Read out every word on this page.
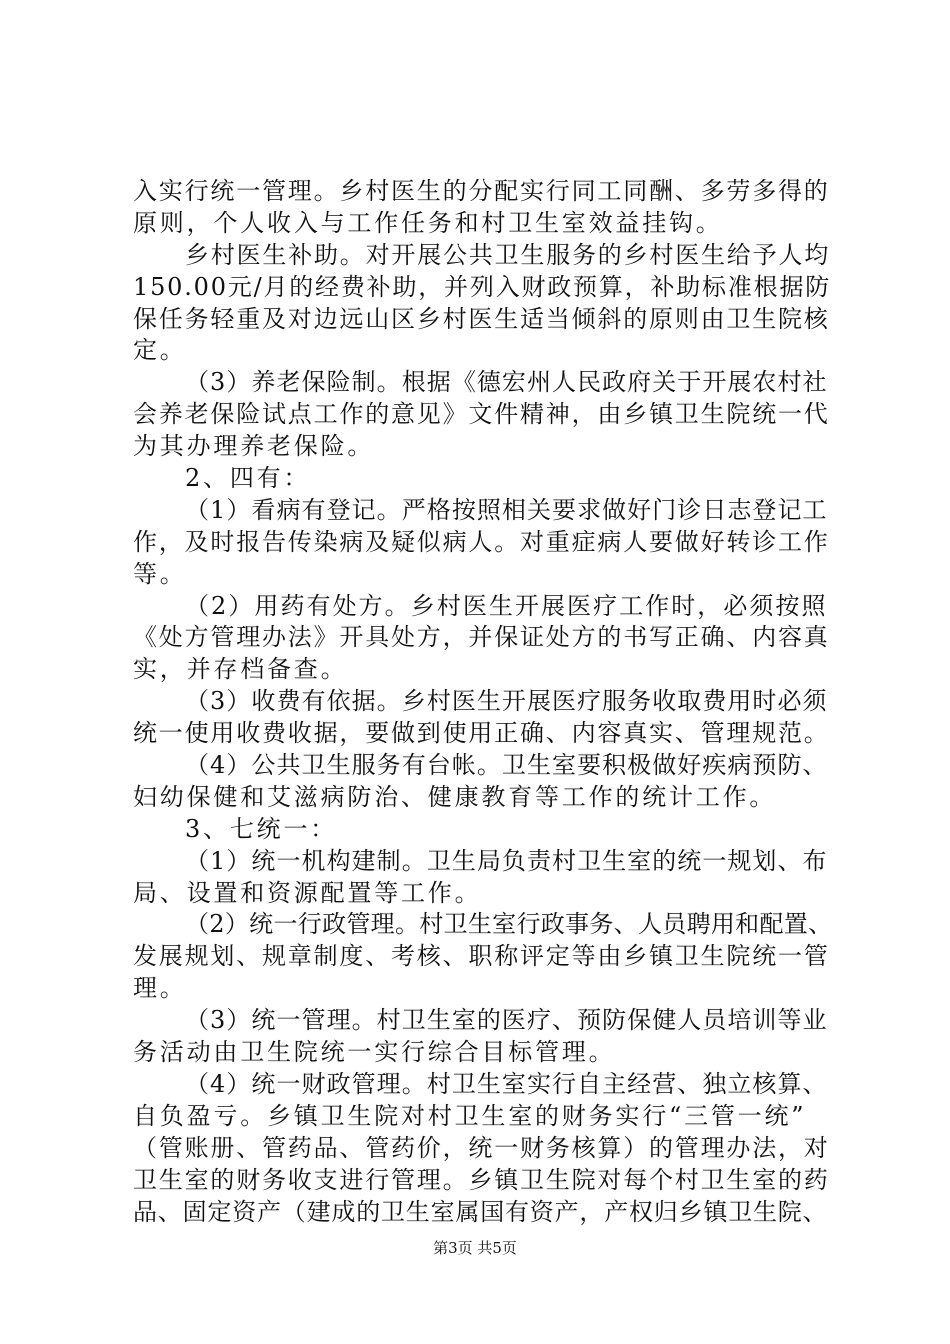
入实行统一管理。乡村医生的分配实行同工同酬、多劳多得的
原则，个人收入与工作任务和村卫生室效益挂钩。
乡村医生补助。对开展公共卫生服务的乡村医生给予人均
150.00元/月的经费补助，并列入财政预算，补助标准根据防
保任务轻重及对边远山区乡村医生适当倾斜的原则由卫生院核
定。
（3）养老保险制。根据《德宏州人民政府关于开展农村社
会养老保险试点工作的意见》文件精神，由乡镇卫生院统一代
为其办理养老保险。
2、四有：
（1）看病有登记。严格按照相关要求做好门诊日志登记工
作，及时报告传染病及疑似病人。对重症病人要做好转诊工作
等。
（2）用药有处方。乡村医生开展医疗工作时，必须按照
《处方管理办法》开具处方，并保证处方的书写正确、内容真
实，并存档备查。
（3）收费有依据。乡村医生开展医疗服务收取费用时必须
统一使用收费收据，要做到使用正确、内容真实、管理规范。
（4）公共卫生服务有台帐。卫生室要积极做好疾病预防、
妇幼保健和艾滋病防治、健康教育等工作的统计工作。
3、七统一：
（1）统一机构建制。卫生局负责村卫生室的统一规划、布
局、设置和资源配置等工作。
（2）统一行政管理。村卫生室行政事务、人员聘用和配置、
发展规划、规章制度、考核、职称评定等由乡镇卫生院统一管
理。
（3）统一管理。村卫生室的医疗、预防保健人员培训等业
务活动由卫生院统一实行综合目标管理。
（4）统一财政管理。村卫生室实行自主经营、独立核算、
自负盈亏。乡镇卫生院对村卫生室的财务实行“三管一统”
（管账册、管药品、管药价，统一财务核算）的管理办法，对
卫生室的财务收支进行管理。乡镇卫生院对每个村卫生室的药
品、固定资产（建成的卫生室属国有资产，产权归乡镇卫生院、
第3页 共5页
